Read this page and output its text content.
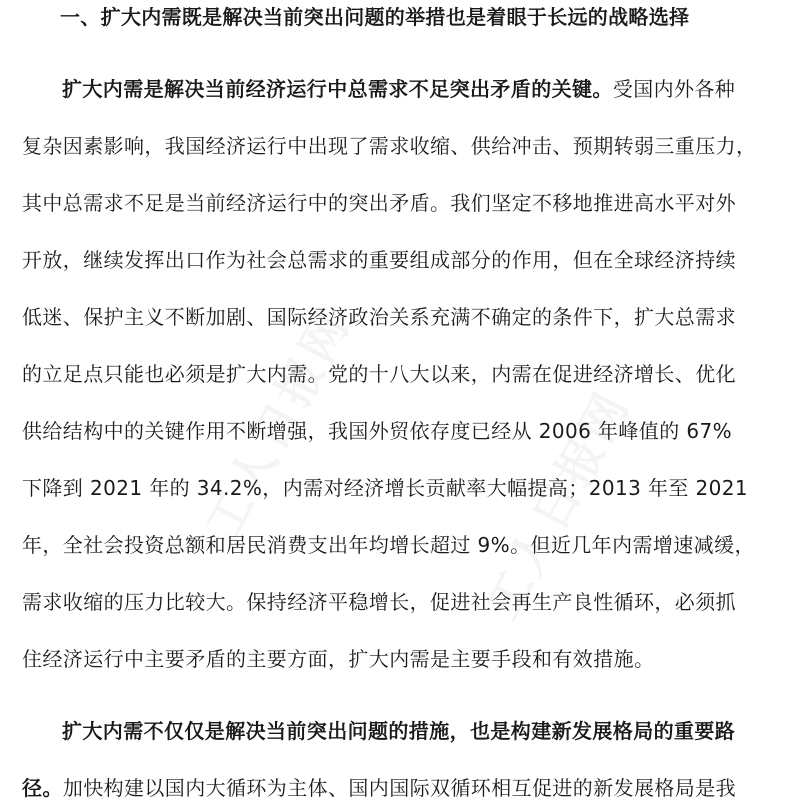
一、扩大内需既是解决当前突出问题的举措也是着眼于长远的战略选择
扩大内需是解决当前经济运行中总需求不足突出矛盾的关键。受国内外各种
复杂因素影响，我国经济运行中出现了需求收缩、供给冲击、预期转弱三重压力，
其中总需求不足是当前经济运行中的突出矛盾。我们坚定不移地推进高水平对外
开放，继续发挥出口作为社会总需求的重要组成部分的作用，但在全球经济持续
低迷、保护主义不断加剧、国际经济政治关系充满不确定的条件下，扩大总需求
的立足点只能也必须是扩大内需。党的十八大以来，内需在促进经济增长、优化
供给结构中的关键作用不断增强，我国外贸依存度已经从 2006 年峰值的 67%
下降到 2021 年的 34.2%，内需对经济增长贡献率大幅提高；2013 年至 2021
年，全社会投资总额和居民消费支出年均增长超过 9%。但近几年内需增速减缓，
需求收缩的压力比较大。保持经济平稳增长，促进社会再生产良性循环，必须抓
住经济运行中主要矛盾的主要方面，扩大内需是主要手段和有效措施。
扩大内需不仅仅是解决当前突出问题的措施，也是构建新发展格局的重要路
径。加快构建以国内大循环为主体、国内国际双循环相互促进的新发展格局是我
